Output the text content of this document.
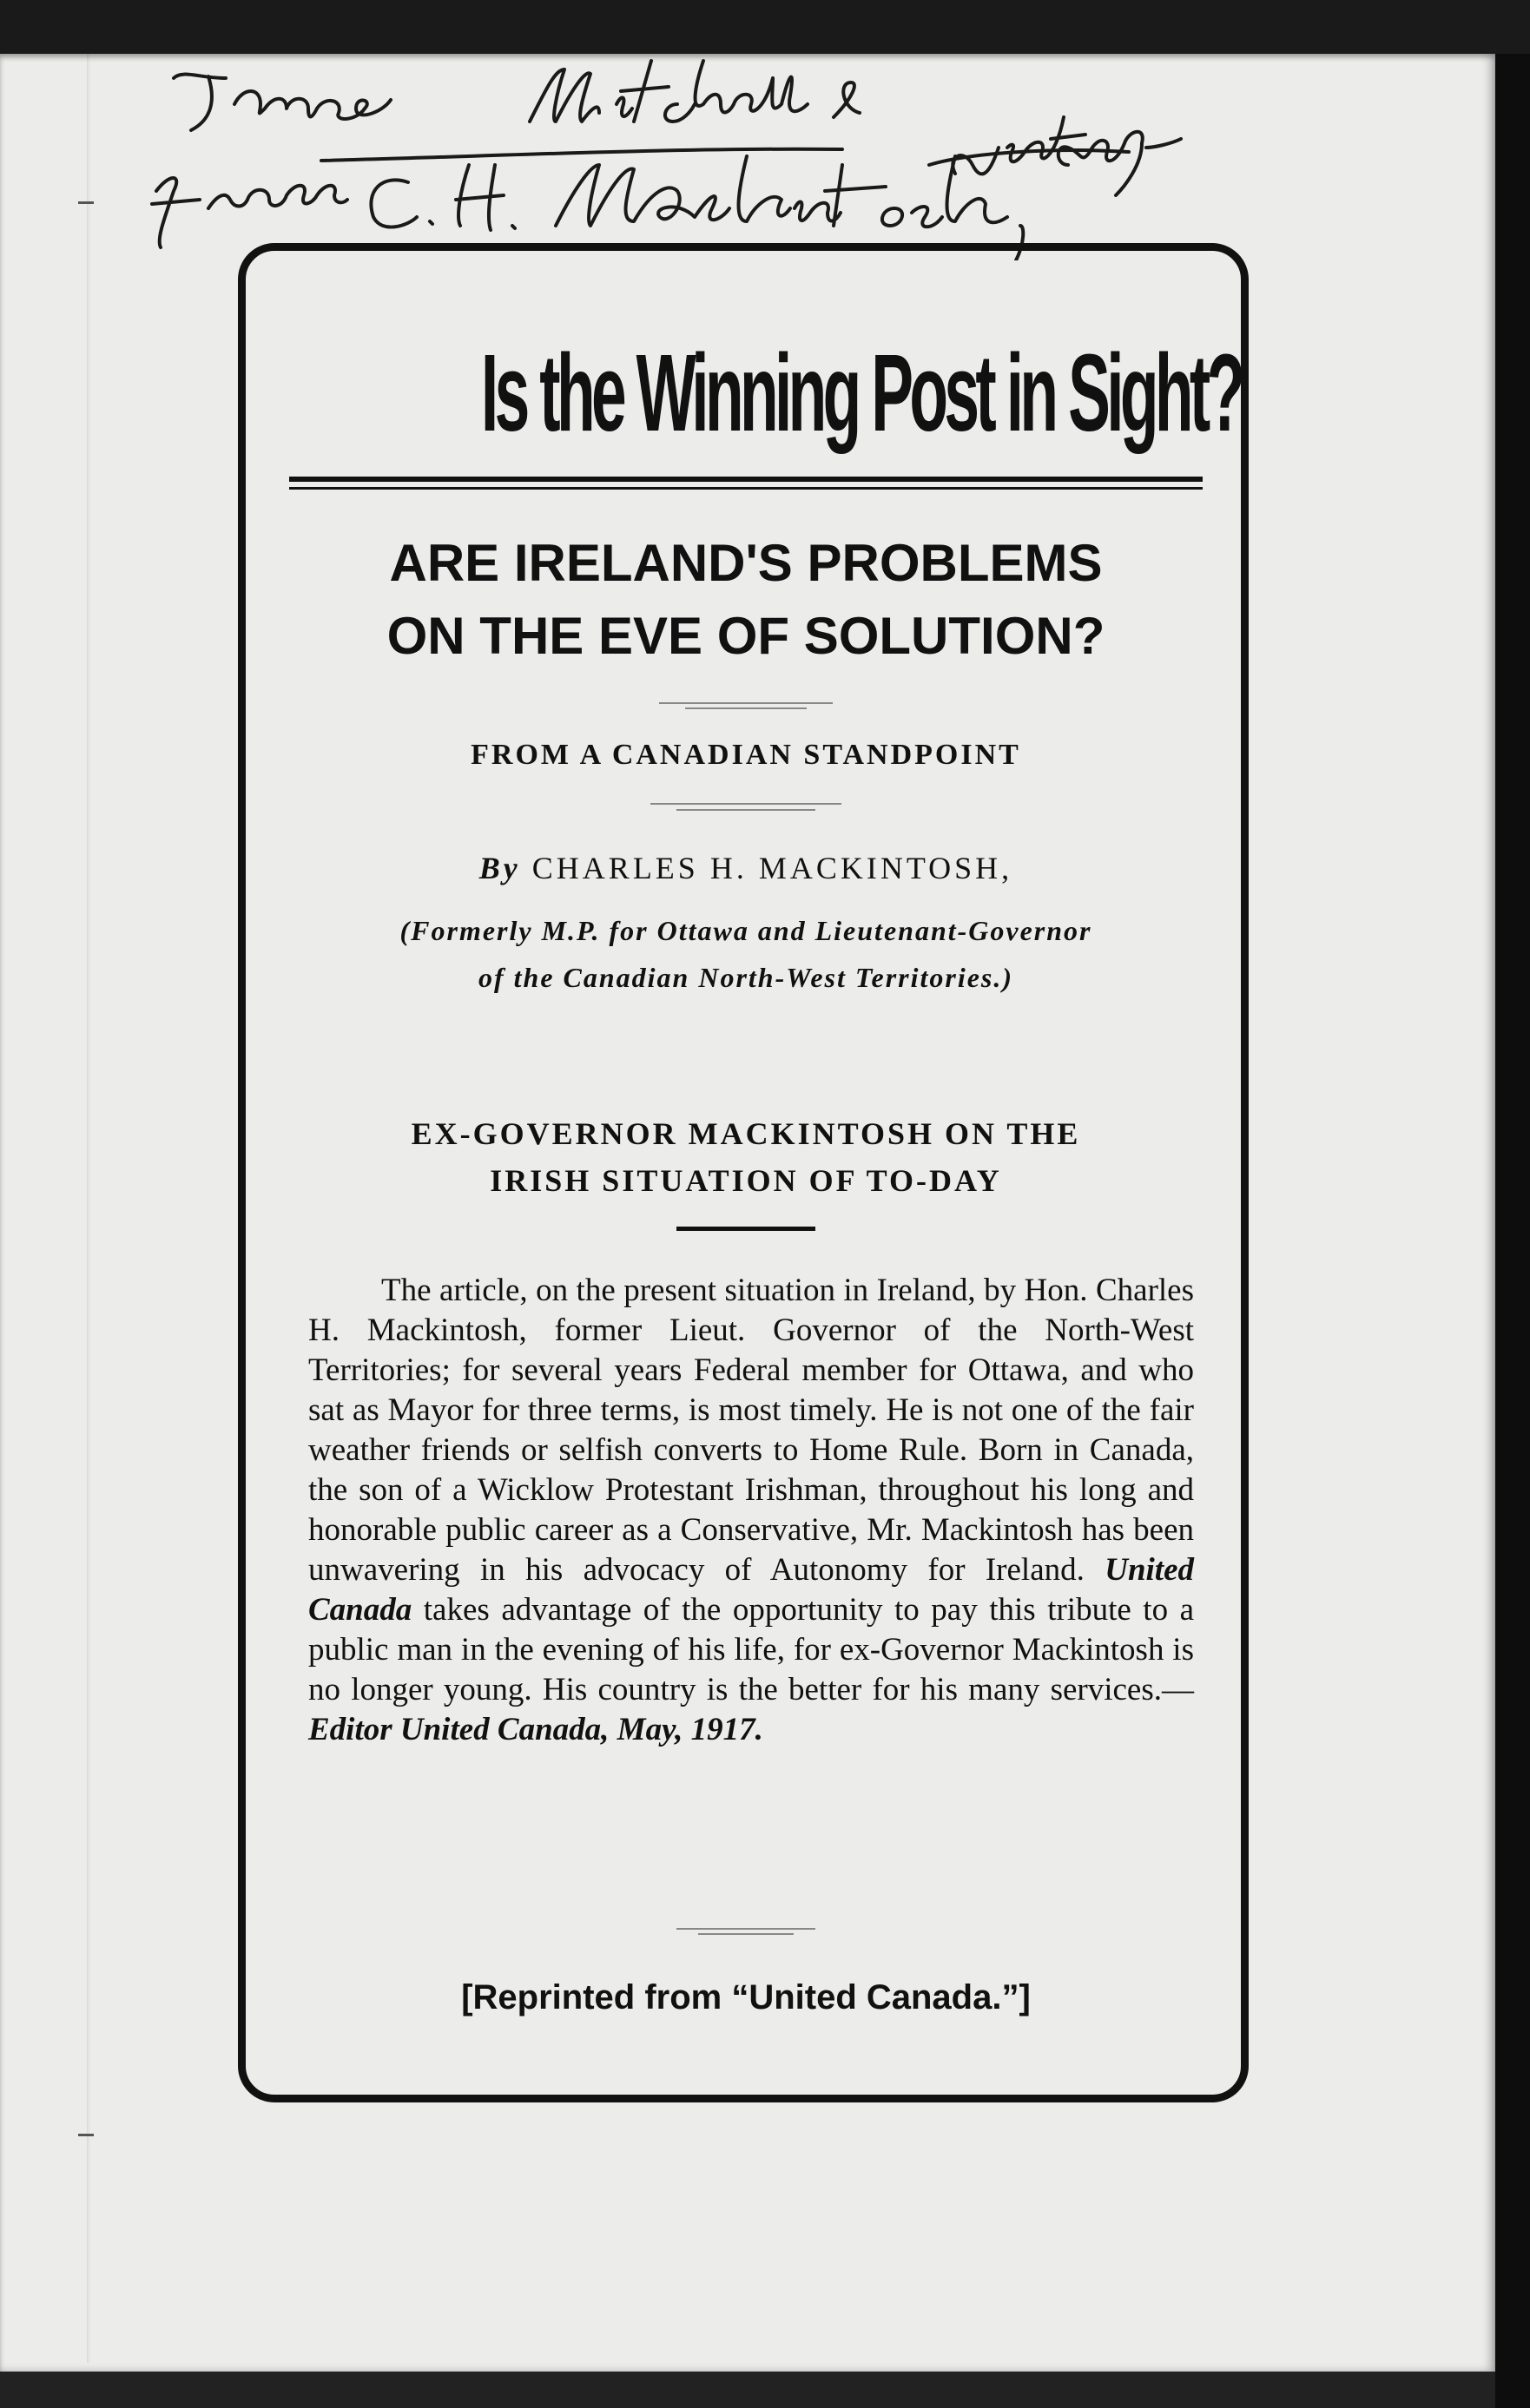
Is the Winning Post in Sight?
ARE IRELAND'S PROBLEMS
ON THE EVE OF SOLUTION?
FROM A CANADIAN STANDPOINT
By CHARLES H. MACKINTOSH,
(Formerly M.P. for Ottawa and Lieutenant-Governor
of the Canadian North-West Territories.)
EX-GOVERNOR MACKINTOSH ON THE
IRISH SITUATION OF TO-DAY
The article, on the present situation in Ireland, by Hon. Charles H. Mackintosh, former Lieut. Governor of the North-West Territories; for several years Federal member for Ottawa, and who sat as Mayor for three terms, is most timely. He is not one of the fair weather friends or selfish converts to Home Rule. Born in Canada, the son of a Wicklow Protestant Irishman, throughout his long and honorable public career as a Conservative, Mr. Mackintosh has been unwavering in his advocacy of Autonomy for Ireland. United Canada takes advantage of the opportunity to pay this tribute to a public man in the evening of his life, for ex-Governor Mackintosh is no longer young. His country is the better for his many services.—Editor United Canada, May, 1917.
[Reprinted from “United Canada.”]
